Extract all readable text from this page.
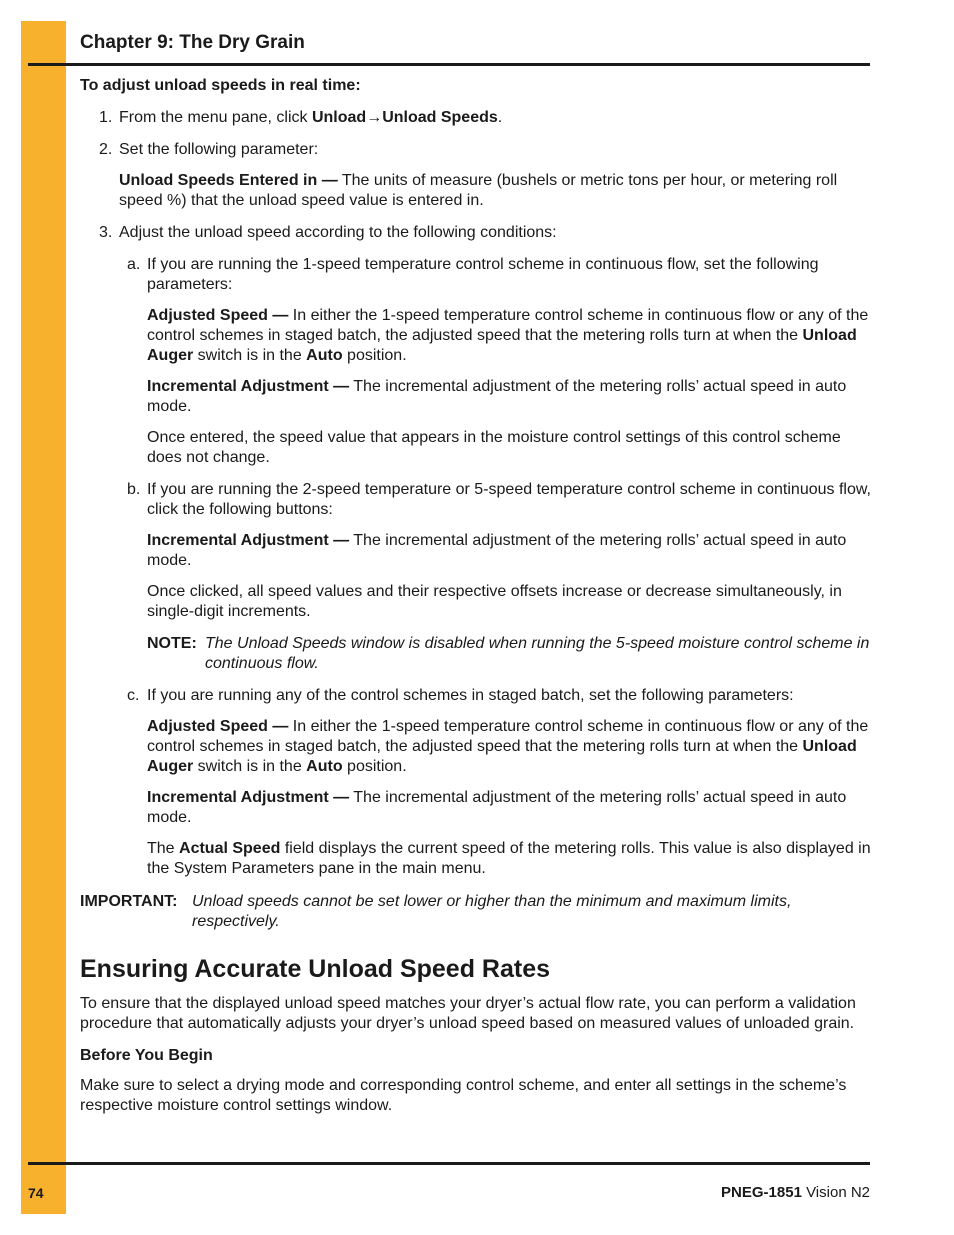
Chapter 9: The Dry Grain

To adjust unload speeds in real time:

1. From the menu pane, click Unload→Unload Speeds.
2. Set the following parameter:

Unload Speeds Entered in — The units of measure (bushels or metric tons per hour, or metering roll speed %) that the unload speed value is entered in.

3. Adjust the unload speed according to the following conditions:
a. If you are running the 1-speed temperature control scheme in continuous flow, set the following parameters:

Adjusted Speed — In either the 1-speed temperature control scheme in continuous flow or any of the control schemes in staged batch, the adjusted speed that the metering rolls turn at when the Unload Auger switch is in the Auto position.

Incremental Adjustment — The incremental adjustment of the metering rolls’ actual speed in auto mode.

Once entered, the speed value that appears in the moisture control settings of this control scheme does not change.

b. If you are running the 2-speed temperature or 5-speed temperature control scheme in continuous flow, click the following buttons:

Incremental Adjustment — The incremental adjustment of the metering rolls’ actual speed in auto mode.

Once clicked, all speed values and their respective offsets increase or decrease simultaneously, in single-digit increments.

NOTE: The Unload Speeds window is disabled when running the 5-speed moisture control scheme in continuous flow.
c. If you are running any of the control schemes in staged batch, set the following parameters:

Adjusted Speed — In either the 1-speed temperature control scheme in continuous flow or any of the control schemes in staged batch, the adjusted speed that the metering rolls turn at when the Unload Auger switch is in the Auto position.

Incremental Adjustment — The incremental adjustment of the metering rolls’ actual speed in auto mode.

The Actual Speed field displays the current speed of the metering rolls. This value is also displayed in the System Parameters pane in the main menu.

IMPORTANT: Unload speeds cannot be set lower or higher than the minimum and maximum limits, respectively.
Ensuring Accurate Unload Speed Rates

To ensure that the displayed unload speed matches your dryer’s actual flow rate, you can perform a validation procedure that automatically adjusts your dryer’s unload speed based on measured values of unloaded grain.

Before You Begin

Make sure to select a drying mode and corresponding control scheme, and enter all settings in the scheme’s respective moisture control settings window.

74	PNEG-1851 Vision N2
